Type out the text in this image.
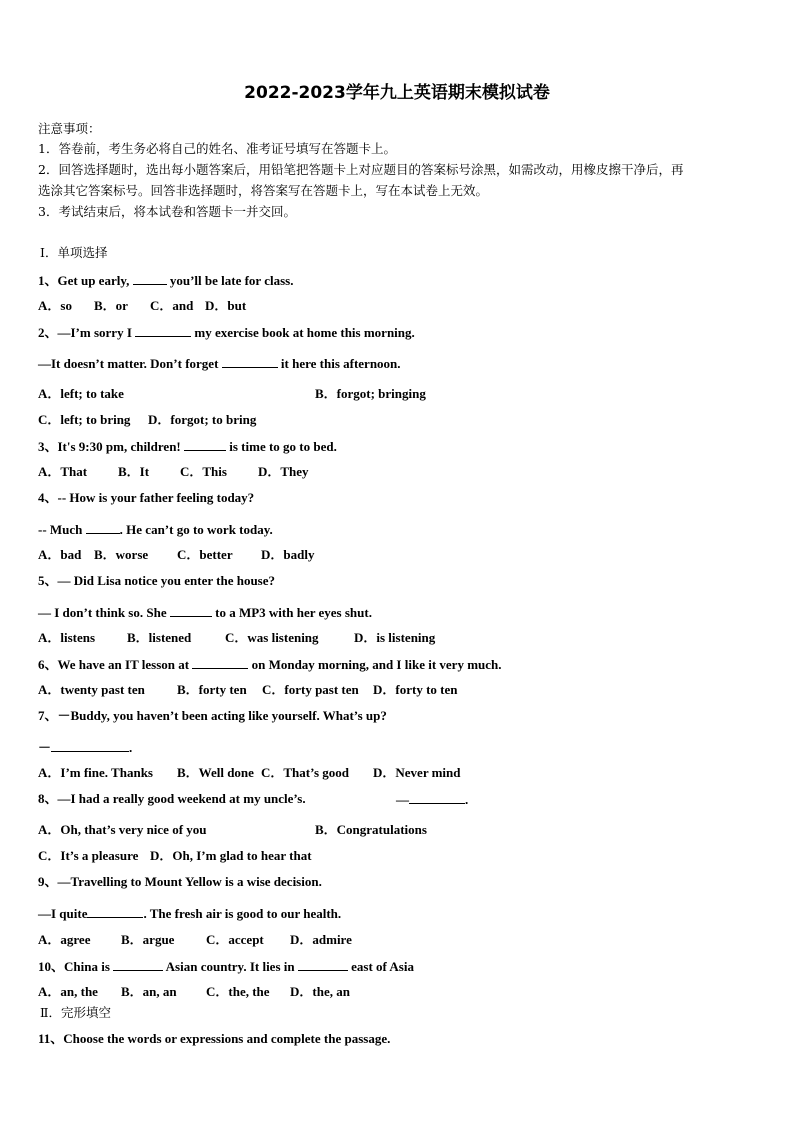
2022-2023学年九上英语期末模拟试卷
注意事项：
1．答卷前，考生务必将自己的姓名、准考证号填写在答题卡上。
2．回答选择题时，选出每小题答案后，用铅笔把答题卡上对应题目的答案标号涂黑，如需改动，用橡皮擦干净后，再
选涂其它答案标号。回答非选择题时，将答案写在答题卡上，写在本试卷上无效。
3．考试结束后，将本试卷和答题卡一并交回。
Ⅰ．单项选择
1、Get up early,	you’ll be late for class.
A．so B．or C．and D．but
2、—I’m sorry I	my exercise book at home this morning.
—It doesn’t matter. Don’t forget	it here this afternoon.
A．left; to take	B．forgot; bringing
C．left; to bring D．forgot; to bring
3、It's 9:30 pm, children!	is time to go to bed.
A．That B．It C．This D．They
4、-- How is your father feeling today?
-- Much	. He can’t go to work today.
A．bad B．worse C．better D．badly
5、— Did Lisa notice you enter the house?
— I don’t think so. She	to a MP3 with her eyes shut.
A．listens B．listened	C．was listening	D．is listening
6、We have an IT lesson at	on Monday morning, and I like it very much.
A．twenty past ten B．forty ten C．forty past ten D．forty to ten
7、－Buddy, you haven’t been acting like yourself. What’s up?
－	.
A．I’m fine. Thanks B．Well done C．That’s good D．Never mind
8、—I had a really good weekend at my uncle’s.	—	.
A．Oh, that’s very nice of you	B．Congratulations
C．It’s a pleasure D．Oh, I’m glad to hear that
9、—Travelling to Mount Yellow is a wise decision.
—I quite	. The fresh air is good to our health.
A．agree B．argue C．accept D．admire
10、China is	Asian country. It lies in	east of Asia
A．an, the B．an, an C．the, the D．the, an
Ⅱ．完形填空
11、Choose the words or expressions and complete the passage.
